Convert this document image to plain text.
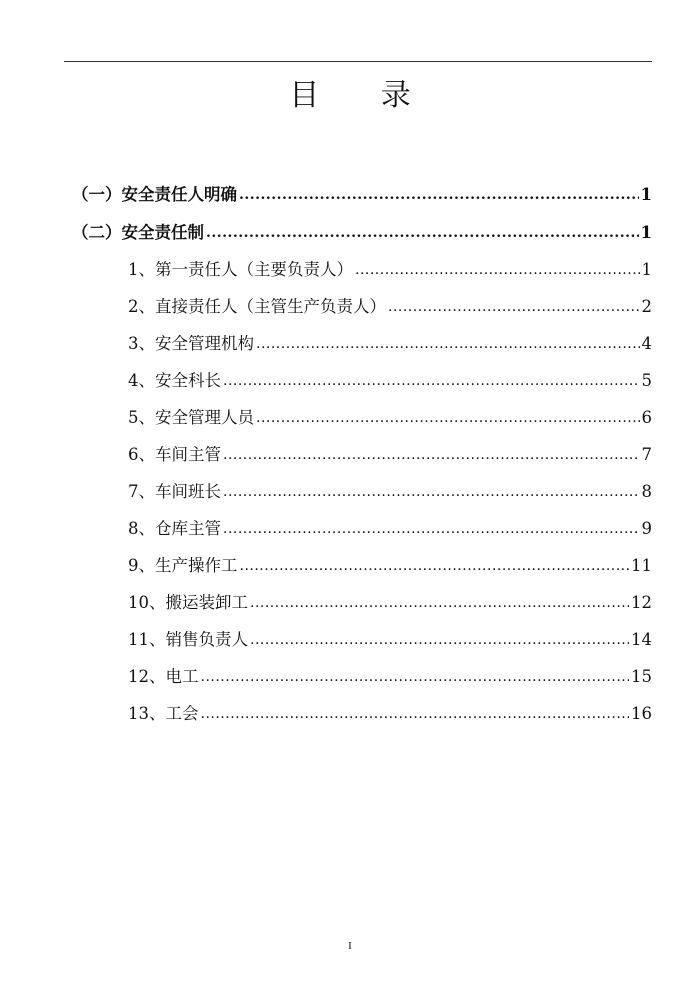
目 录
（一）安全责任人明确 .....	1
（二）安全责任制 .....	1
1、第一责任人（主要负责人） .....	1
2、直接责任人（主管生产负责人） .....	2
3、安全管理机构 .....	4
4、安全科长 .....	5
5、安全管理人员 .....	6
6、车间主管 .....	7
7、车间班长 .....	8
8、仓库主管 .....	9
9、生产操作工 .....	11
10、搬运装卸工 .....	12
11、销售负责人 .....	14
12、电工 .....	15
13、工会 .....	16
I
